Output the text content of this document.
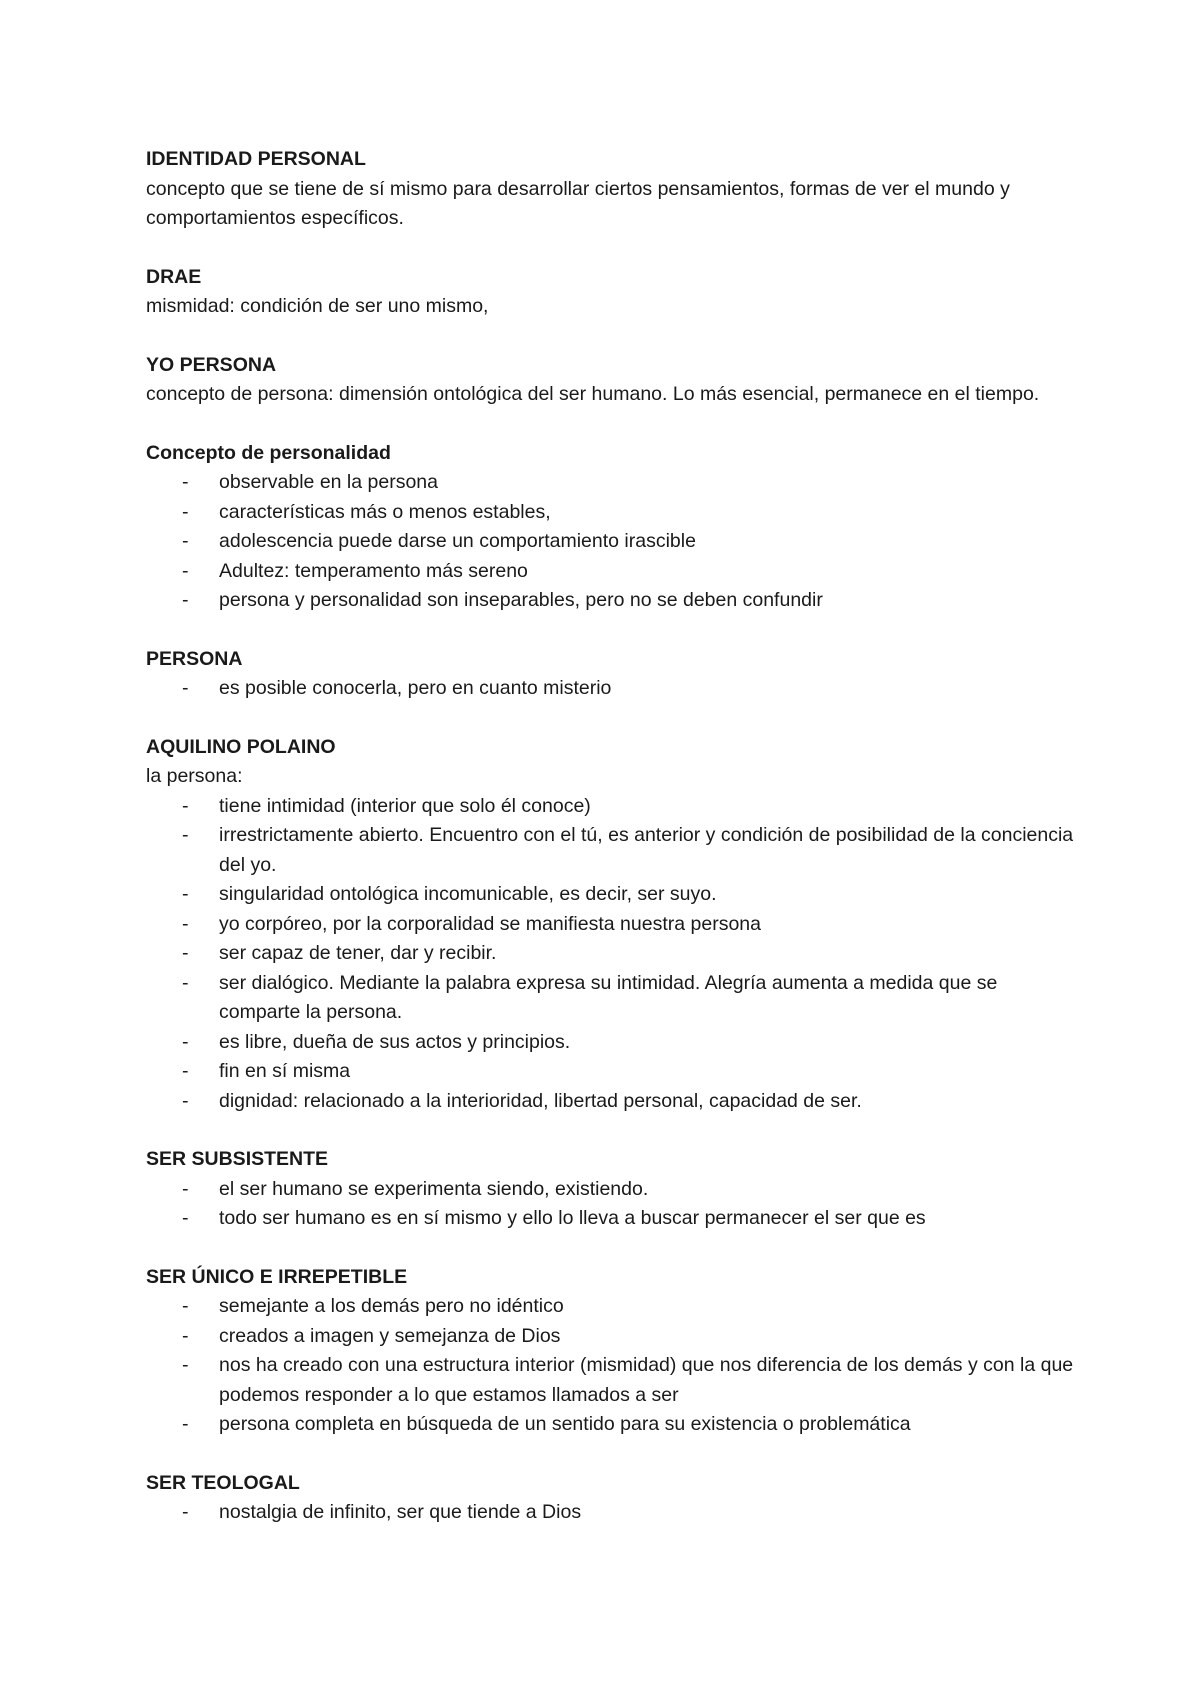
IDENTIDAD PERSONAL

concepto que se tiene de sí mismo para desarrollar ciertos pensamientos, formas de ver el mundo y comportamientos específicos.

DRAE

mismidad: condición de ser uno mismo,

YO PERSONA

concepto de persona: dimensión ontológica del ser humano. Lo más esencial, permanece en el tiempo.

Concepto de personalidad

- observable en la persona
- características más o menos estables,
- adolescencia puede darse un comportamiento irascible
- Adultez: temperamento más sereno
- persona y personalidad son inseparables, pero no se deben confundir

PERSONA

- es posible conocerla, pero en cuanto misterio

AQUILINO POLAINO

la persona:

- tiene intimidad (interior que solo él conoce)
- irrestrictamente abierto. Encuentro con el tú, es anterior y condición de posibilidad de la conciencia del yo.
- singularidad ontológica incomunicable, es decir, ser suyo.
- yo corpóreo, por la corporalidad se manifiesta nuestra persona
- ser capaz de tener, dar y recibir.
- ser dialógico. Mediante la palabra expresa su intimidad. Alegría aumenta a medida que se comparte la persona.
- es libre, dueña de sus actos y principios.
- fin en sí misma
- dignidad: relacionado a la interioridad, libertad personal, capacidad de ser.

SER SUBSISTENTE

- el ser humano se experimenta siendo, existiendo.
- todo ser humano es en sí mismo y ello lo lleva a buscar permanecer el ser que es

SER ÚNICO E IRREPETIBLE

- semejante a los demás pero no idéntico
- creados a imagen y semejanza de Dios
- nos ha creado con una estructura interior (mismidad) que nos diferencia de los demás y con la que podemos responder a lo que estamos llamados a ser
- persona completa en búsqueda de un sentido para su existencia o problemática

SER TEOLOGAL

- nostalgia de infinito, ser que tiende a Dios
